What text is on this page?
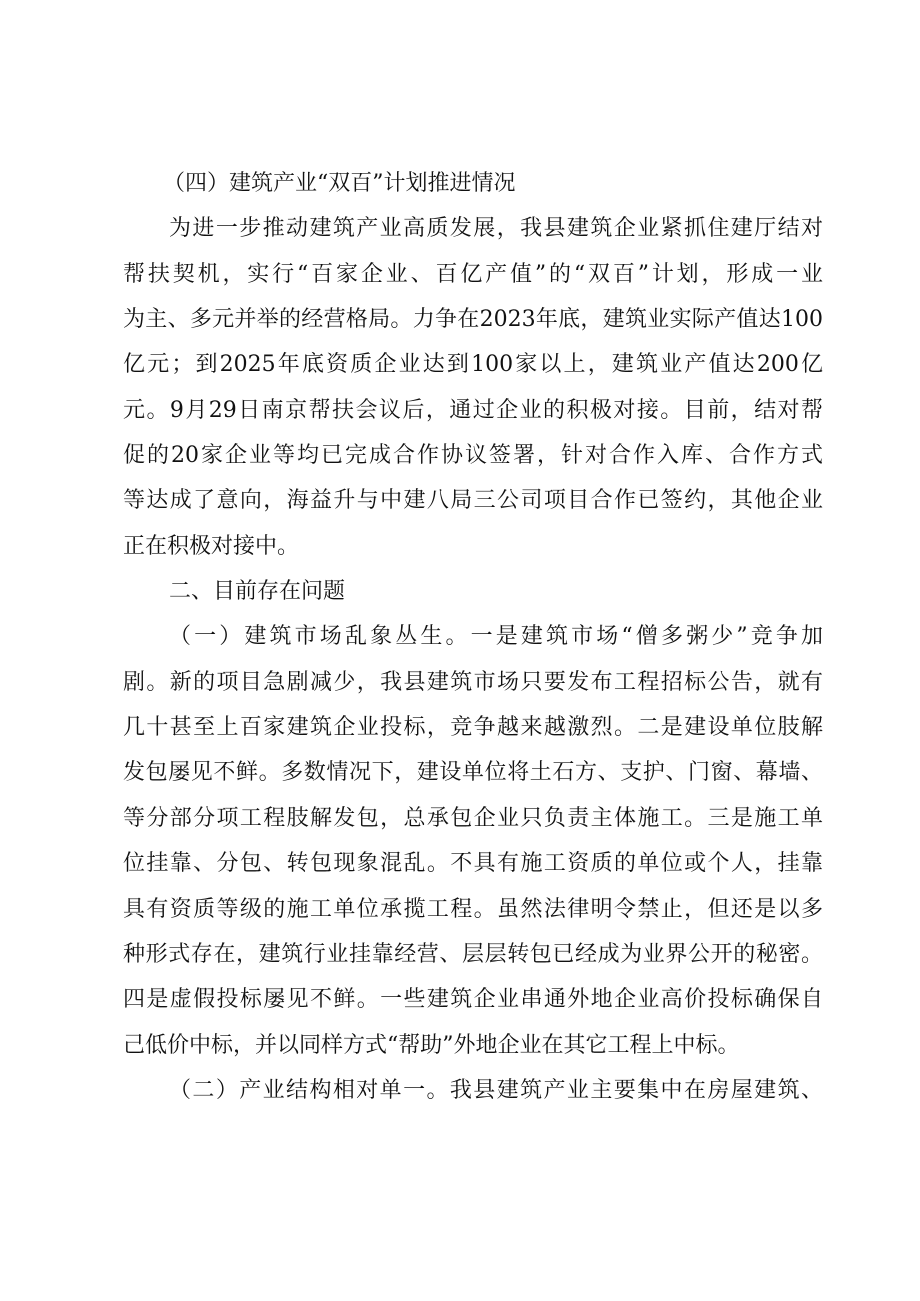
（四）建筑产业“双百”计划推进情况
为进一步推动建筑产业高质发展，我县建筑企业紧抓住建厅结对
帮扶契机，实行“百家企业、百亿产值”的“双百”计划，形成一业
为主、多元并举的经营格局。力争在2023年底，建筑业实际产值达100
亿元；到2025年底资质企业达到100家以上，建筑业产值达200亿
元。9月29日南京帮扶会议后，通过企业的积极对接。目前，结对帮
促的20家企业等均已完成合作协议签署，针对合作入库、合作方式
等达成了意向，海益升与中建八局三公司项目合作已签约，其他企业
正在积极对接中。
二、目前存在问题
（一）建筑市场乱象丛生。一是建筑市场“僧多粥少”竞争加
剧。新的项目急剧减少，我县建筑市场只要发布工程招标公告，就有
几十甚至上百家建筑企业投标，竞争越来越激烈。二是建设单位肢解
发包屡见不鲜。多数情况下，建设单位将土石方、支护、门窗、幕墙、
等分部分项工程肢解发包，总承包企业只负责主体施工。三是施工单
位挂靠、分包、转包现象混乱。不具有施工资质的单位或个人，挂靠
具有资质等级的施工单位承揽工程。虽然法律明令禁止，但还是以多
种形式存在，建筑行业挂靠经营、层层转包已经成为业界公开的秘密。
四是虚假投标屡见不鲜。一些建筑企业串通外地企业高价投标确保自
己低价中标，并以同样方式“帮助”外地企业在其它工程上中标。
（二）产业结构相对单一。我县建筑产业主要集中在房屋建筑、
